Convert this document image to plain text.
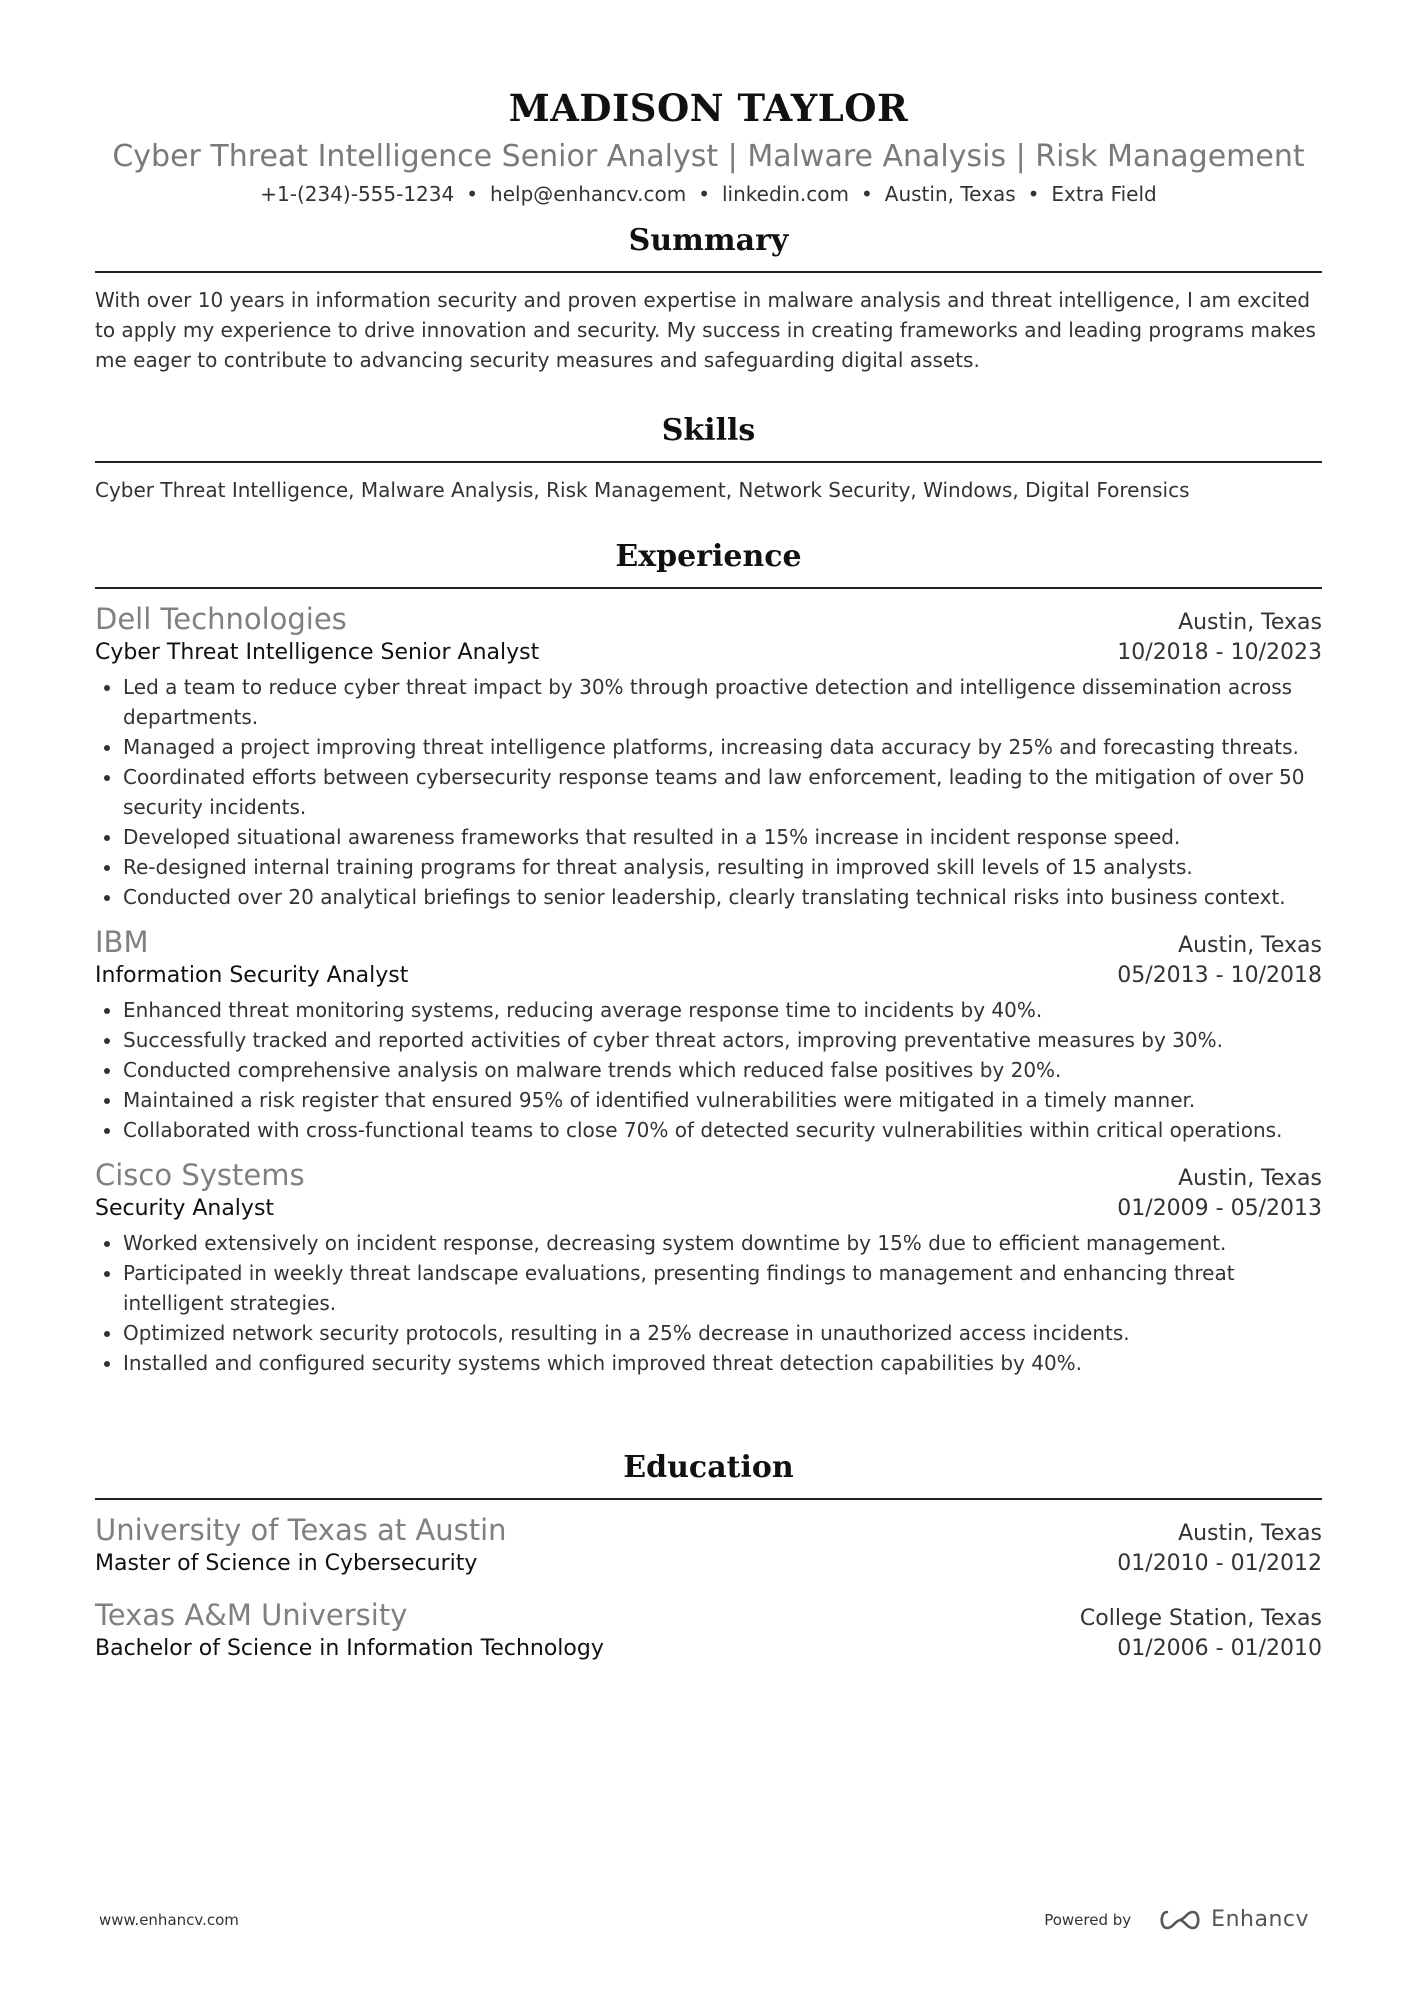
MADISON TAYLOR
Cyber Threat Intelligence Senior Analyst | Malware Analysis | Risk Management
+1-(234)-555-1234 • help@enhancv.com • linkedin.com • Austin, Texas • Extra Field
Summary
With over 10 years in information security and proven expertise in malware analysis and threat intelligence, I am excited to apply my experience to drive innovation and security. My success in creating frameworks and leading programs makes me eager to contribute to advancing security measures and safeguarding digital assets.
Skills
Cyber Threat Intelligence, Malware Analysis, Risk Management, Network Security, Windows, Digital Forensics
Experience
Dell Technologies	Austin, Texas
Cyber Threat Intelligence Senior Analyst	10/2018 - 10/2023
• Led a team to reduce cyber threat impact by 30% through proactive detection and intelligence dissemination across departments.
• Managed a project improving threat intelligence platforms, increasing data accuracy by 25% and forecasting threats.
• Coordinated efforts between cybersecurity response teams and law enforcement, leading to the mitigation of over 50 security incidents.
• Developed situational awareness frameworks that resulted in a 15% increase in incident response speed.
• Re-designed internal training programs for threat analysis, resulting in improved skill levels of 15 analysts.
• Conducted over 20 analytical briefings to senior leadership, clearly translating technical risks into business context.
IBM	Austin, Texas
Information Security Analyst	05/2013 - 10/2018
• Enhanced threat monitoring systems, reducing average response time to incidents by 40%.
• Successfully tracked and reported activities of cyber threat actors, improving preventative measures by 30%.
• Conducted comprehensive analysis on malware trends which reduced false positives by 20%.
• Maintained a risk register that ensured 95% of identified vulnerabilities were mitigated in a timely manner.
• Collaborated with cross-functional teams to close 70% of detected security vulnerabilities within critical operations.
Cisco Systems	Austin, Texas
Security Analyst	01/2009 - 05/2013
• Worked extensively on incident response, decreasing system downtime by 15% due to efficient management.
• Participated in weekly threat landscape evaluations, presenting findings to management and enhancing threat intelligent strategies.
• Optimized network security protocols, resulting in a 25% decrease in unauthorized access incidents.
• Installed and configured security systems which improved threat detection capabilities by 40%.
Education
University of Texas at Austin	Austin, Texas
Master of Science in Cybersecurity	01/2010 - 01/2012
Texas A&M University	College Station, Texas
Bachelor of Science in Information Technology	01/2006 - 01/2010
www.enhancv.com	Powered by	Enhancv
